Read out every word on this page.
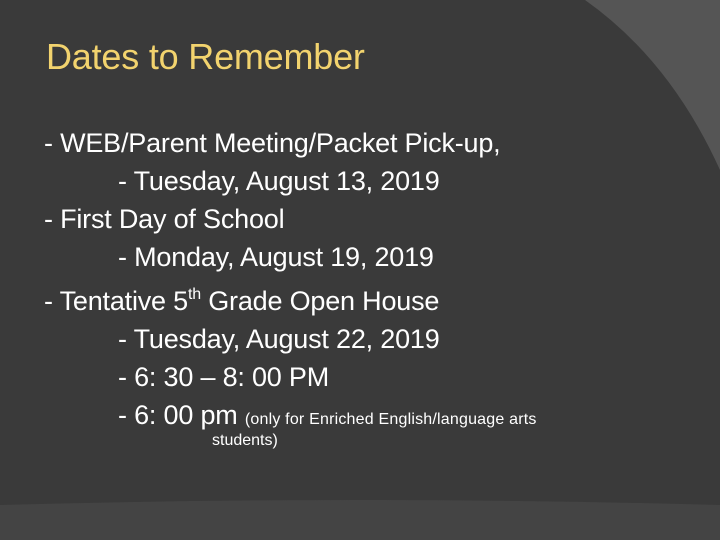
Dates to Remember
- WEB/Parent Meeting/Packet Pick-up,
- Tuesday, August 13, 2019
- First Day of School
- Monday, August 19, 2019
- Tentative 5th Grade Open House
- Tuesday, August 22, 2019
- 6: 30 – 8: 00 PM
- 6: 00 pm (only for Enriched English/language arts
students)
